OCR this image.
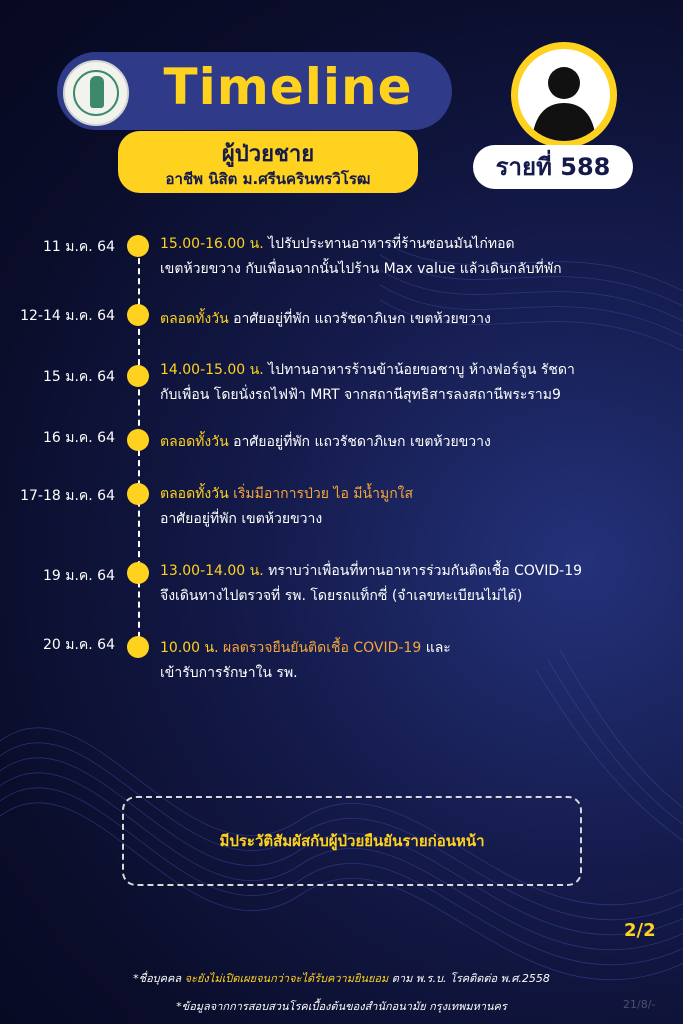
Timeline
ผู้ป่วยชาย
อาชีพ นิสิต ม.ศรีนครินทรวิโรฒ	รายที่ 588
11 ม.ค. 64	15.00-16.00 น. ไปรับประทานอาหารที่ร้านซอนมันไก่ทอด
เขตห้วยขวาง กับเพื่อนจากนั้นไปร้าน Max value แล้วเดินกลับที่พัก
12-14 ม.ค. 64	ตลอดทั้งวัน อาศัยอยู่ที่พัก แถวรัชดาภิเษก เขตห้วยขวาง
15 ม.ค. 64	14.00-15.00 น. ไปทานอาหารร้านข้าน้อยขอชาบู ห้างฟอร์จูน รัชดา
กับเพื่อน โดยนั่งรถไฟฟ้า MRT จากสถานีสุทธิสารลงสถานีพระราม9
16 ม.ค. 64	ตลอดทั้งวัน อาศัยอยู่ที่พัก แถวรัชดาภิเษก เขตห้วยขวาง
17-18 ม.ค. 64	ตลอดทั้งวัน เริ่มมีอาการป่วย ไอ มีน้ำมูกใส
อาศัยอยู่ที่พัก เขตห้วยขวาง
19 ม.ค. 64	13.00-14.00 น. ทราบว่าเพื่อนที่ทานอาหารร่วมกันติดเชื้อ COVID-19
จึงเดินทางไปตรวจที่ รพ. โดยรถแท็กซี่ (จำเลขทะเบียนไม่ได้)
20 ม.ค. 64	10.00 น. ผลตรวจยืนยันติดเชื้อ COVID-19 และ
เข้ารับการรักษาใน รพ.
มีประวัติสัมผัสกับผู้ป่วยยืนยันรายก่อนหน้า
2/2
*ชื่อบุคคล จะยังไม่เปิดเผยจนกว่าจะได้รับความยินยอม ตาม พ.ร.บ. โรคติดต่อ พ.ศ.2558
*ข้อมูลจากการสอบสวนโรคเบื้องต้นของสำนักอนามัย กรุงเทพมหานคร	21/8/-
